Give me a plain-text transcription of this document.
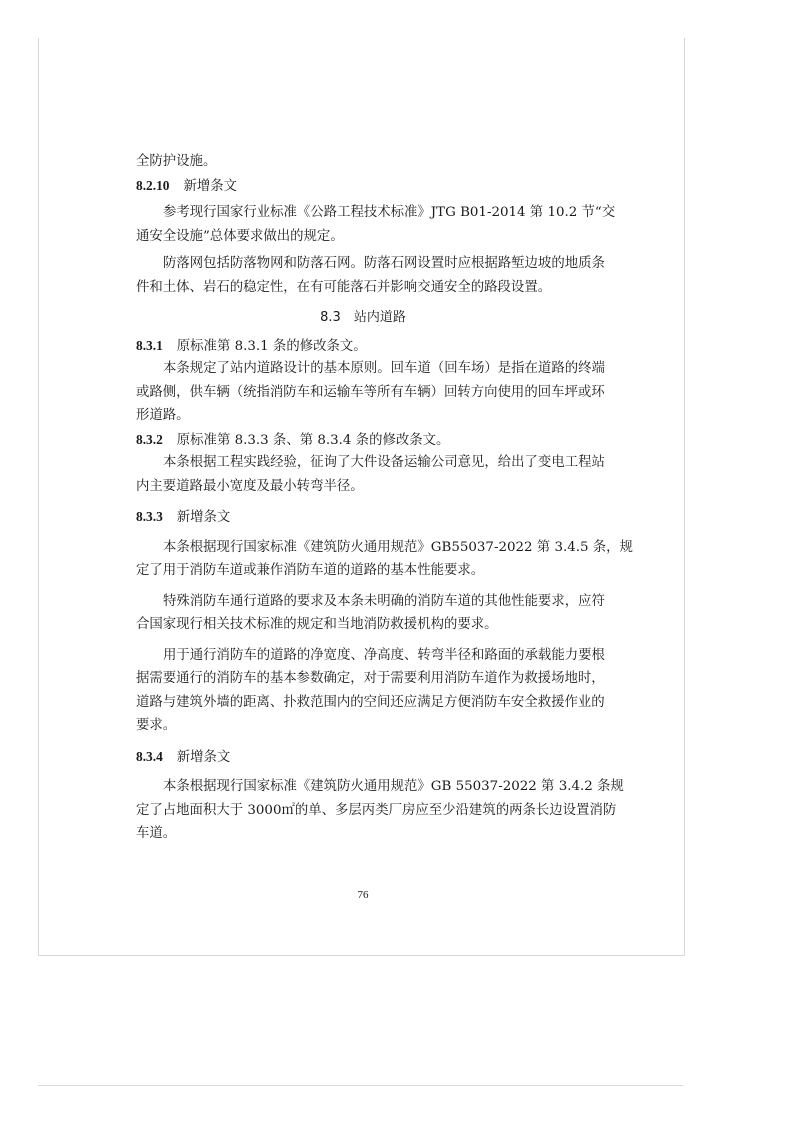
全防护设施。
8.2.10 新增条文
参考现行国家行业标准《公路工程技术标准》JTG B01-2014 第 10.2 节“交
通安全设施”总体要求做出的规定。
防落网包括防落物网和防落石网。防落石网设置时应根据路堑边坡的地质条
件和土体、岩石的稳定性，在有可能落石并影响交通安全的路段设置。
8.3　站内道路
8.3.1 原标准第 8.3.1 条的修改条文。
本条规定了站内道路设计的基本原则。回车道（回车场）是指在道路的终端
或路侧，供车辆（统指消防车和运输车等所有车辆）回转方向使用的回车坪或环
形道路。
8.3.2 原标准第 8.3.3 条、第 8.3.4 条的修改条文。
本条根据工程实践经验，征询了大件设备运输公司意见，给出了变电工程站
内主要道路最小宽度及最小转弯半径。
8.3.3 新增条文
本条根据现行国家标准《建筑防火通用规范》GB55037-2022 第 3.4.5 条，规
定了用于消防车道或兼作消防车道的道路的基本性能要求。
特殊消防车通行道路的要求及本条未明确的消防车道的其他性能要求，应符
合国家现行相关技术标准的规定和当地消防救援机构的要求。
用于通行消防车的道路的净宽度、净高度、转弯半径和路面的承载能力要根
据需要通行的消防车的基本参数确定，对于需要利用消防车道作为救援场地时，
道路与建筑外墙的距离、扑救范围内的空间还应满足方便消防车安全救援作业的
要求。
8.3.4 新增条文
本条根据现行国家标准《建筑防火通用规范》GB 55037-2022 第 3.4.2 条规
定了占地面积大于 3000㎡的单、多层丙类厂房应至少沿建筑的两条长边设置消防
车道。
76
